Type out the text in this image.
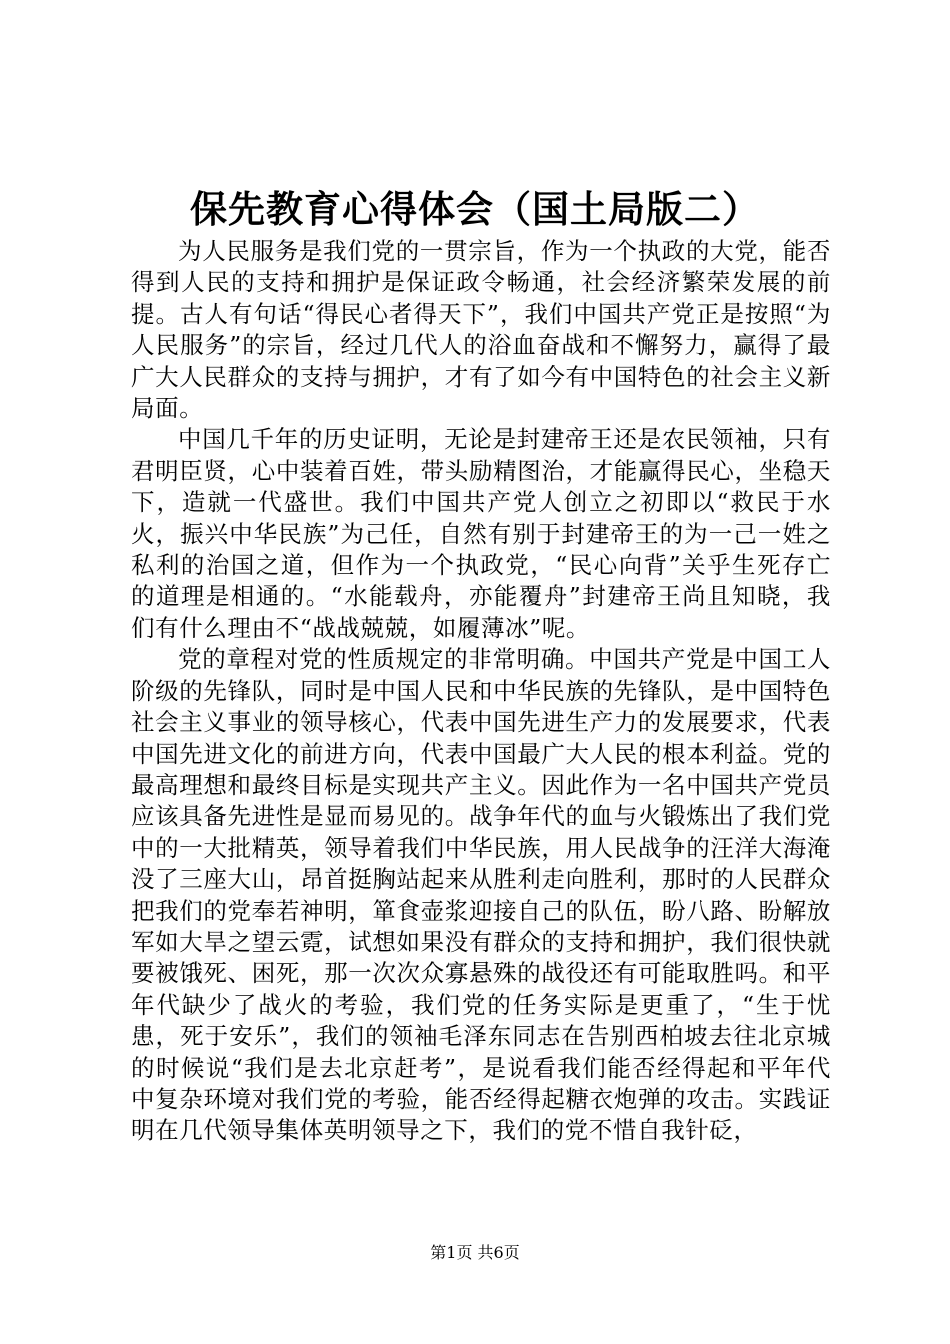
保先教育心得体会（国土局版二）

为人民服务是我们党的一贯宗旨，作为一个执政的大党，能否得到人民的支持和拥护是保证政令畅通，社会经济繁荣发展的前提。古人有句话“得民心者得天下”，我们中国共产党正是按照“为人民服务”的宗旨，经过几代人的浴血奋战和不懈努力，赢得了最广大人民群众的支持与拥护，才有了如今有中国特色的社会主义新局面。

中国几千年的历史证明，无论是封建帝王还是农民领袖，只有君明臣贤，心中装着百姓，带头励精图治，才能赢得民心，坐稳天下，造就一代盛世。我们中国共产党人创立之初即以“救民于水火，振兴中华民族”为己任，自然有别于封建帝王的为一己一姓之私利的治国之道，但作为一个执政党，“民心向背”关乎生死存亡的道理是相通的。“水能载舟，亦能覆舟”封建帝王尚且知晓，我们有什么理由不“战战兢兢，如履薄冰”呢。

党的章程对党的性质规定的非常明确。中国共产党是中国工人阶级的先锋队，同时是中国人民和中华民族的先锋队，是中国特色社会主义事业的领导核心，代表中国先进生产力的发展要求，代表中国先进文化的前进方向，代表中国最广大人民的根本利益。党的最高理想和最终目标是实现共产主义。因此作为一名中国共产党员应该具备先进性是显而易见的。战争年代的血与火锻炼出了我们党中的一大批精英，领导着我们中华民族，用人民战争的汪洋大海淹没了三座大山，昂首挺胸站起来从胜利走向胜利，那时的人民群众把我们的党奉若神明，箪食壶浆迎接自己的队伍，盼八路、盼解放军如大旱之望云霓，试想如果没有群众的支持和拥护，我们很快就要被饿死、困死，那一次次众寡悬殊的战役还有可能取胜吗。和平年代缺少了战火的考验，我们党的任务实际是更重了，“生于忧患，死于安乐”，我们的领袖毛泽东同志在告别西柏坡去往北京城的时候说“我们是去北京赶考”，是说看我们能否经得起和平年代中复杂环境对我们党的考验，能否经得起糖衣炮弹的攻击。实践证明在几代领导集体英明领导之下，我们的党不惜自我针砭，

第1页 共6页
